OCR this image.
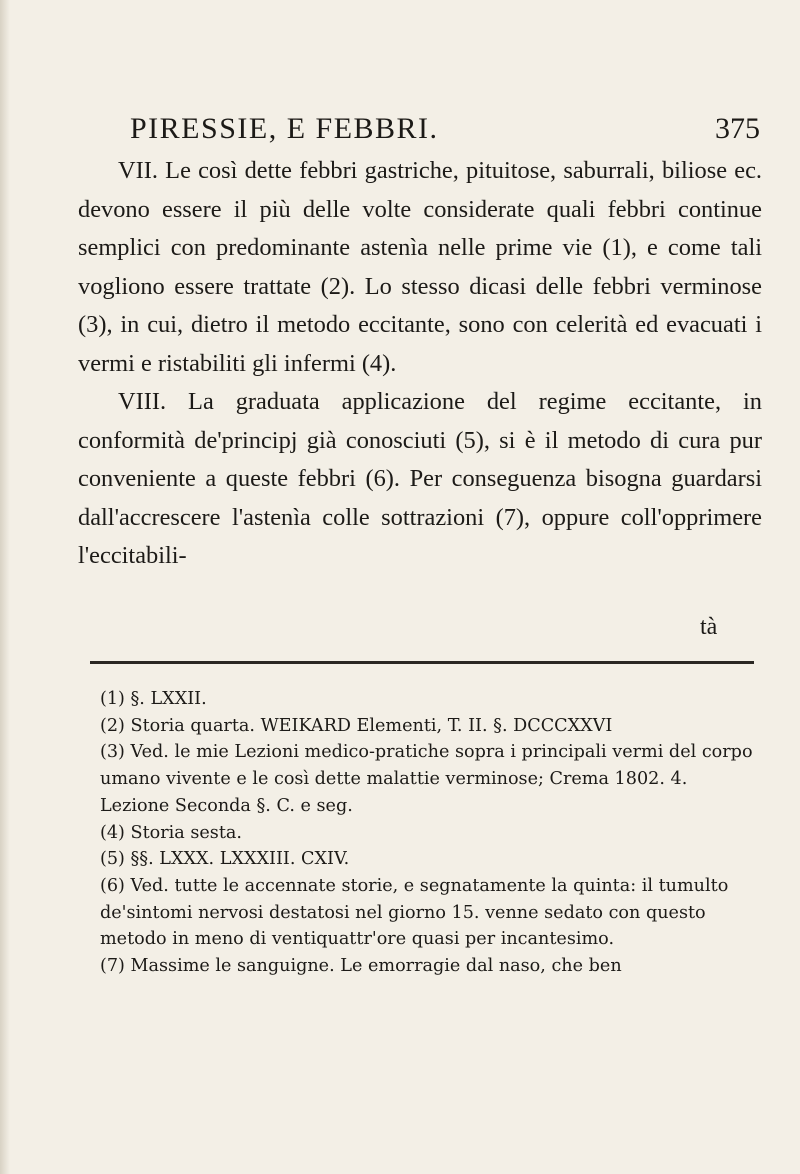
PIRESSIE, E FEBBRI.	375

VII. Le così dette febbri gastriche, pituitose, saburrali, biliose ec. devono essere il più delle volte considerate quali febbri continue semplici con predominante astenìa nelle prime vie (1), e come tali vogliono essere trattate (2). Lo stesso dicasi delle febbri verminose (3), in cui, dietro il metodo eccitante, sono con celerità ed evacuati i vermi e ristabiliti gli infermi (4).

VIII. La graduata applicazione del regime eccitante, in conformità de'principj già conosciuti (5), si è il metodo di cura pur conveniente a queste febbri (6). Per conseguenza bisogna guardarsi dall'accrescere l'astenìa colle sottrazioni (7), oppure coll'opprimere l'eccitabili-

tà

(1) §. LXXII.

(2) Storia quarta. WEIKARD Elementi, T. II. §. DCCCXXVI

(3) Ved. le mie Lezioni medico-pratiche sopra i principali vermi del corpo umano vivente e le così dette malattie verminose; Crema 1802. 4. Lezione Seconda §. C. e seg.

(4) Storia sesta.

(5) §§. LXXX. LXXXIII. CXIV.

(6) Ved. tutte le accennate storie, e segnatamente la quinta: il tumulto de'sintomi nervosi destatosi nel giorno 15. venne sedato con questo metodo in meno di ventiquattr'ore quasi per incantesimo.

(7) Massime le sanguigne. Le emorragie dal naso, che ben
